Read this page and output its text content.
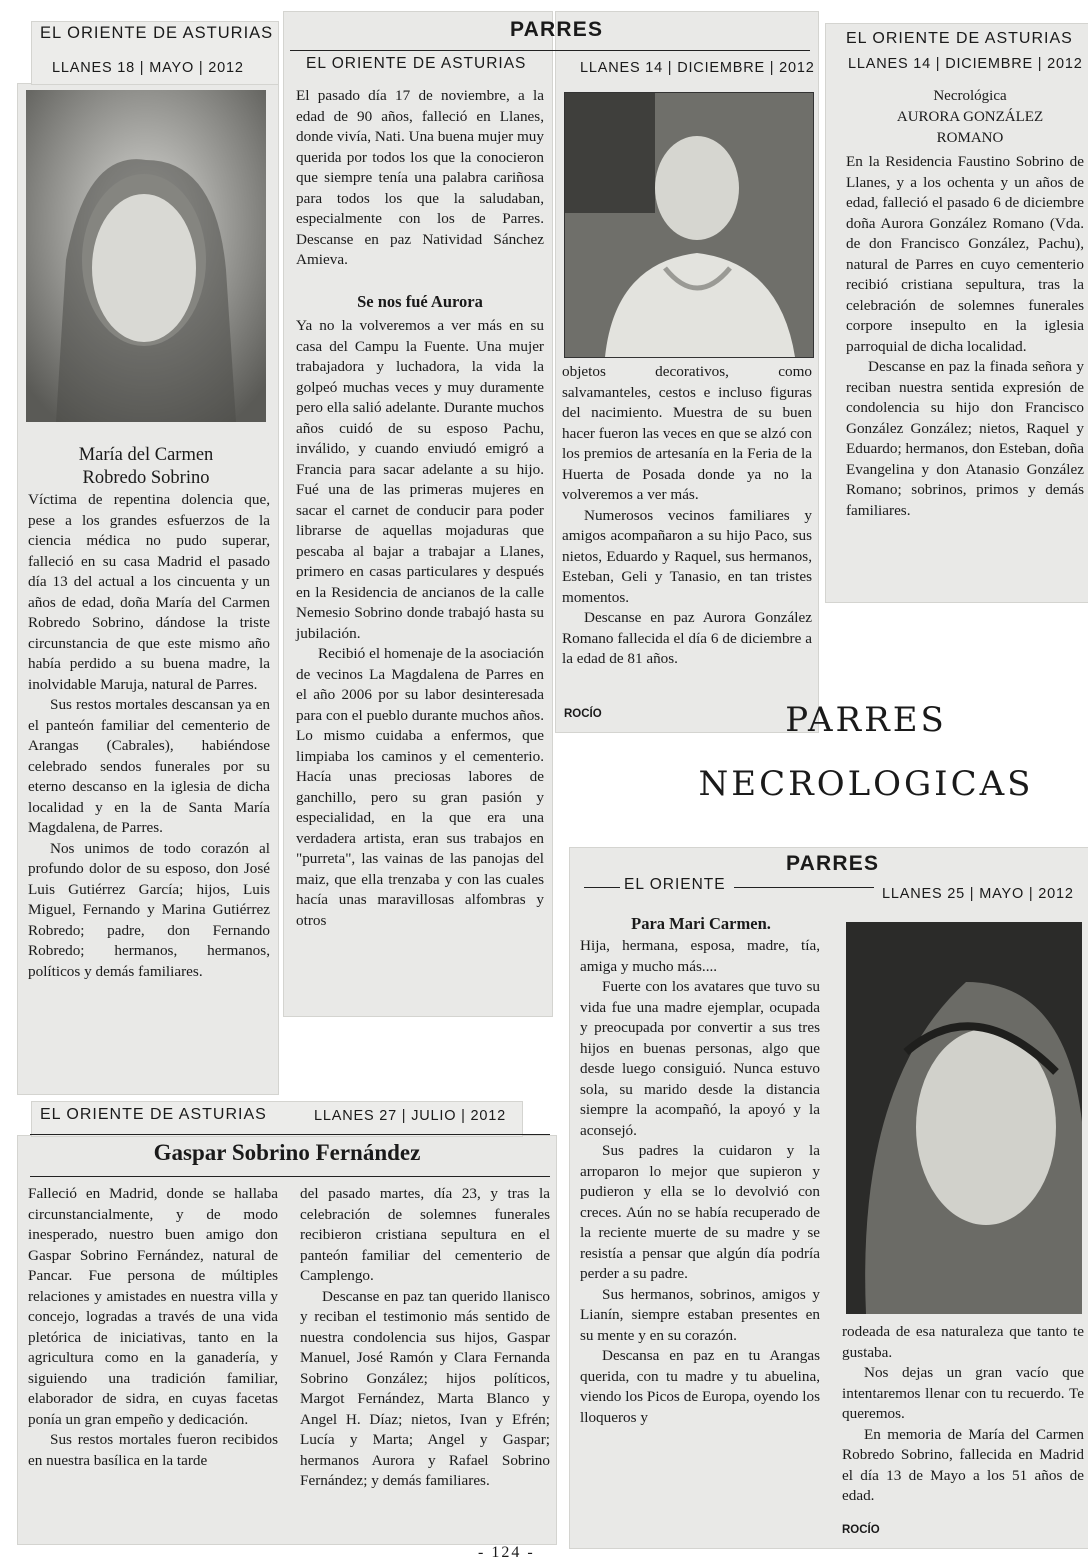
EL ORIENTE DE ASTURIAS
LLANES 18 | MAYO | 2012
María del Carmen
Robredo Sobrino

Víctima de repentina dolencia que, pese a los grandes esfuerzos de la ciencia médica no pudo superar, falleció en su casa Madrid el pasado día 13 del actual a los cincuenta y un años de edad, doña María del Carmen Robredo Sobrino, dándose la triste circunstancia de que este mismo año había perdido a su buena madre, la inolvidable Maruja, natural de Parres.

Sus restos mortales descansan ya en el panteón familiar del cementerio de Arangas (Cabrales), habiéndose celebrado sendos funerales por su eterno descanso en la iglesia de dicha localidad y en la de Santa María Magdalena, de Parres.

Nos unimos de todo corazón al profundo dolor de su esposo, don José Luis Gutiérrez García; hijos, Luis Miguel, Fernando y Marina Gutiérrez Robredo; padre, don Fernando Robredo; hermanos, hermanos, políticos y demás familiares.

PARRES
EL ORIENTE DE ASTURIAS	LLANES 14 | DICIEMBRE | 2012

El pasado día 17 de noviembre, a la edad de 90 años, falleció en Llanes, donde vivía, Nati. Una buena mujer muy querida por todos los que la conocieron que siempre tenía una palabra cariñosa para todos los que la saludaban, especialmente con los de Parres. Descanse en paz Natividad Sánchez Amieva.

Se nos fué Aurora

Ya no la volveremos a ver más en su casa del Campu la Fuente. Una mujer trabajadora y luchadora, la vida la golpeó muchas veces y muy duramente pero ella salió adelante. Durante muchos años cuidó de su esposo Pachu, inválido, y cuando enviudó emigró a Francia para sacar adelante a su hijo. Fué una de las primeras mujeres en sacar el carnet de conducir para poder librarse de aquellas mojaduras que pescaba al bajar a trabajar a Llanes, primero en casas particulares y después en la Residencia de ancianos de la calle Nemesio Sobrino donde trabajó hasta su jubilación.

Recibió el homenaje de la asociación de vecinos La Magdalena de Parres en el año 2006 por su labor desinteresada para con el pueblo durante muchos años. Lo mismo cuidaba a enfermos, que limpiaba los caminos y el cementerio. Hacía unas preciosas labores de ganchillo, pero su gran pasión y especialidad, en la que era una verdadera artista, eran sus trabajos en "purreta", las vainas de las panojas del maiz, que ella trenzaba y con las cuales hacía unas maravillosas alfombras y otros

objetos decorativos, como salvamanteles, cestos e incluso figuras del nacimiento. Muestra de su buen hacer fueron las veces en que se alzó con los premios de artesanía en la Feria de la Huerta de Posada donde ya no la volveremos a ver más.

Numerosos vecinos familiares y amigos acompañaron a su hijo Paco, sus nietos, Eduardo y Raquel, sus hermanos, Esteban, Geli y Tanasio, en tan tristes momentos.

Descanse en paz Aurora González Romano fallecida el día 6 de diciembre a la edad de 81 años.

ROCÍO
EL ORIENTE DE ASTURIAS
LLANES 14 | DICIEMBRE | 2012
Necrológica
AURORA GONZÁLEZ
ROMANO

En la Residencia Faustino Sobrino de Llanes, y a los ochenta y un años de edad, falleció el pasado 6 de diciembre doña Aurora González Romano (Vda. de don Francisco González, Pachu), natural de Parres en cuyo cementerio recibió cristiana sepultura, tras la celebración de solemnes funerales corpore insepulto en la iglesia parroquial de dicha localidad.

Descanse en paz la finada señora y reciban nuestra sentida expresión de condolencia su hijo don Francisco González González; nietos, Raquel y Eduardo; hermanos, don Esteban, doña Evangelina y don Atanasio González Romano; sobrinos, primos y demás familiares.

PARRES
NECROLOGICAS
PARRES
EL ORIENTE
LLANES 25 | MAYO | 2012
Para Mari Carmen.

Hija, hermana, esposa, madre, tía, amiga y mucho más....

Fuerte con los avatares que tuvo su vida fue una madre ejemplar, ocupada y preocupada por convertir a sus tres hijos en buenas personas, algo que desde luego consiguió. Nunca estuvo sola, su marido desde la distancia siempre la acompañó, la apoyó y la aconsejó.

Sus padres la cuidaron y la arroparon lo mejor que supieron y pudieron y ella se lo devolvió con creces. Aún no se había recuperado de la reciente muerte de su madre y se resistía a pensar que algún día podría perder a su padre.

Sus hermanos, sobrinos, amigos y Lianín, siempre estaban presentes en su mente y en su corazón.

Descansa en paz en tu Arangas querida, con tu madre y tu abuelina, viendo los Picos de Europa, oyendo los lloqueros y

rodeada de esa naturaleza que tanto te gustaba.

Nos dejas un gran vacío que intentaremos llenar con tu recuerdo. Te queremos.

En memoria de María del Carmen Robredo Sobrino, fallecida en Madrid el día 13 de Mayo a los 51 años de edad.

ROCÍO
EL ORIENTE DE ASTURIAS	LLANES 27 | JULIO | 2012
Gaspar Sobrino Fernández

Falleció en Madrid, donde se hallaba circunstancialmente, y de modo inesperado, nuestro buen amigo don Gaspar Sobrino Fernández, natural de Pancar. Fue persona de múltiples relaciones y amistades en nuestra villa y concejo, logradas a través de una vida pletórica de iniciativas, tanto en la agricultura como en la ganadería, y siguiendo una tradición familiar, elaborador de sidra, en cuyas facetas ponía un gran empeño y dedicación.

Sus restos mortales fueron recibidos en nuestra basílica en la tarde

del pasado martes, día 23, y tras la celebración de solemnes funerales recibieron cristiana sepultura en el panteón familiar del cementerio de Camplengo.

Descanse en paz tan querido llanisco y reciban el testimonio más sentido de nuestra condolencia sus hijos, Gaspar Manuel, José Ramón y Clara Fernanda Sobrino González; hijos políticos, Margot Fernández, Marta Blanco y Angel H. Díaz; nietos, Ivan y Efrén; Lucía y Marta; Angel y Gaspar; hermanos Aurora y Rafael Sobrino Fernández; y demás familiares.

- 124 -
